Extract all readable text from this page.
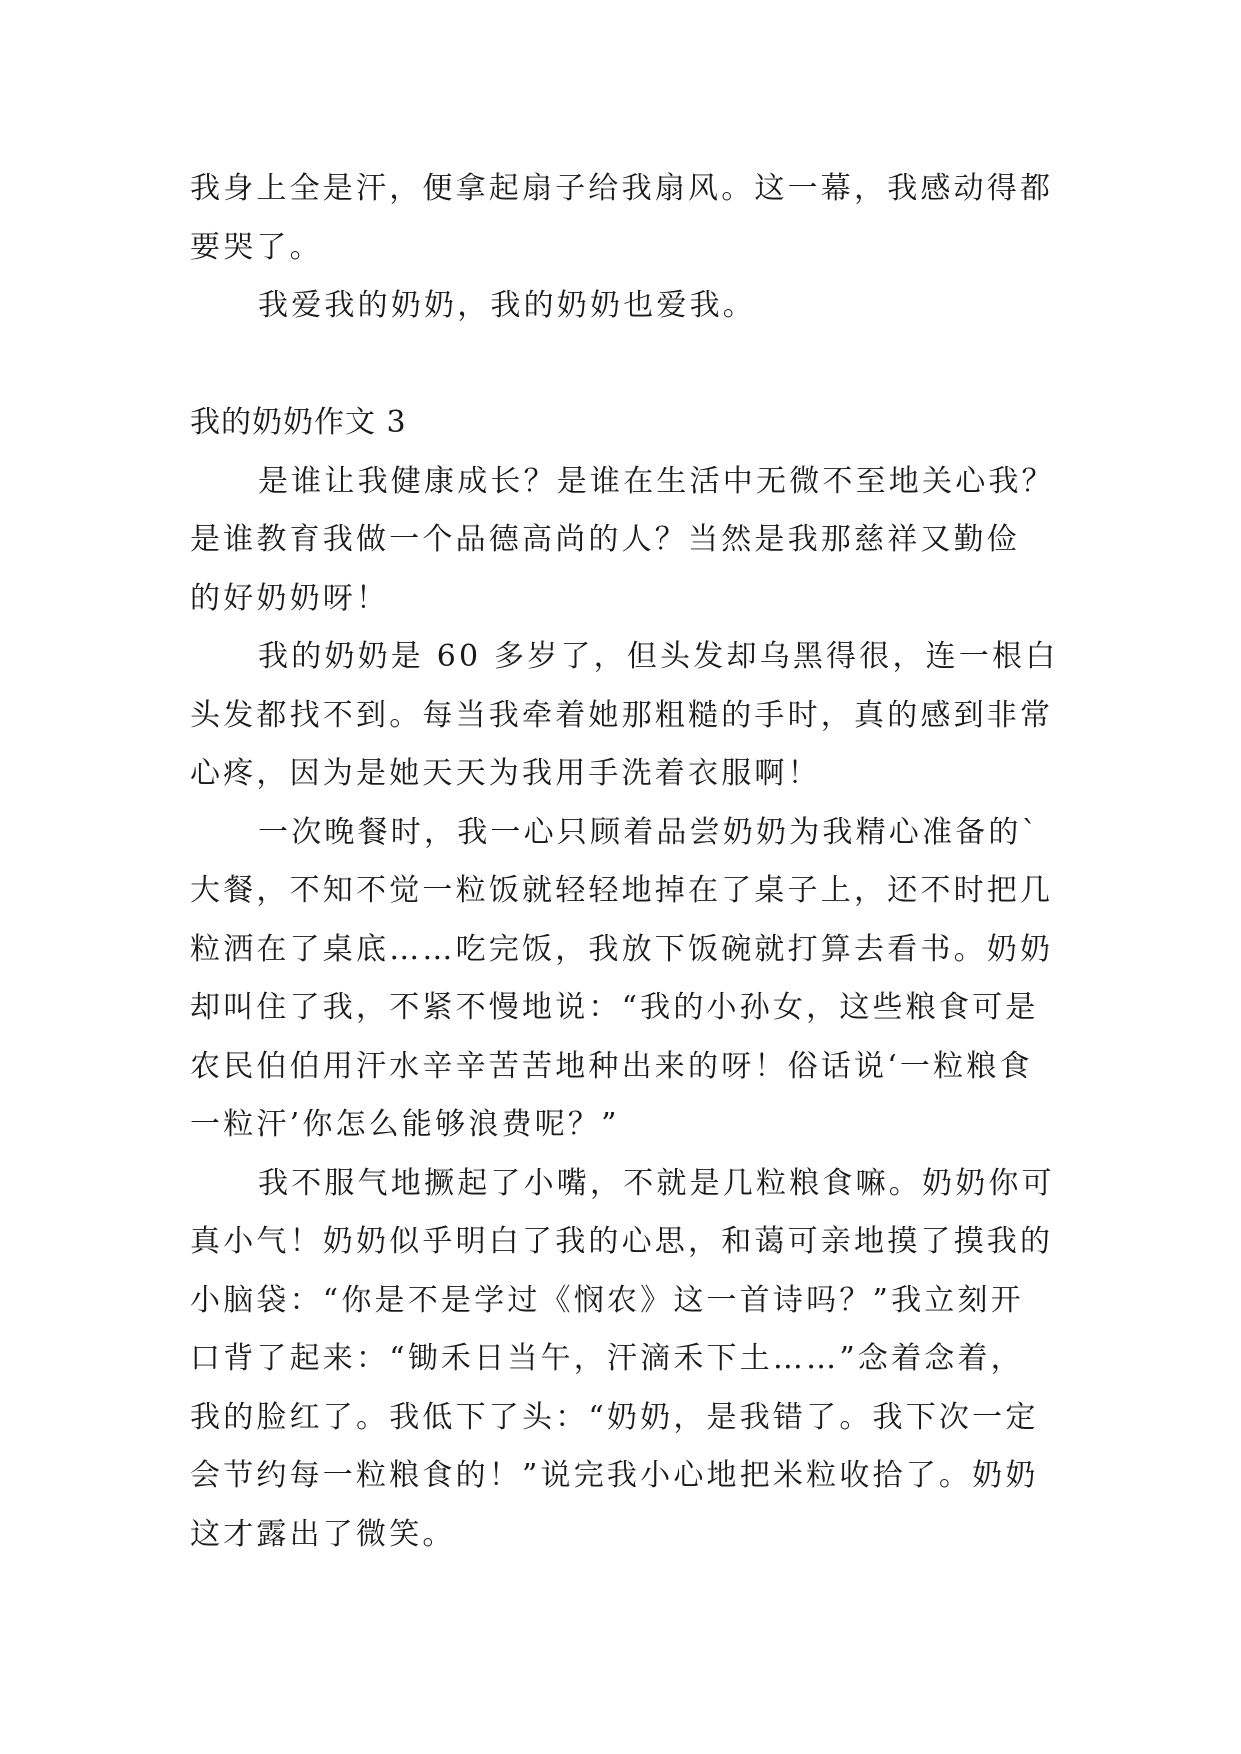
我身上全是汗，便拿起扇子给我扇风。这一幕，我感动得都
要哭了。
我爱我的奶奶，我的奶奶也爱我。
我的奶奶作文 3
是谁让我健康成长？是谁在生活中无微不至地关心我？
是谁教育我做一个品德高尚的人？当然是我那慈祥又勤俭
的好奶奶呀！
我的奶奶是 60 多岁了，但头发却乌黑得很，连一根白
头发都找不到。每当我牵着她那粗糙的手时，真的感到非常
心疼，因为是她天天为我用手洗着衣服啊！
一次晚餐时，我一心只顾着品尝奶奶为我精心准备的`
大餐，不知不觉一粒饭就轻轻地掉在了桌子上，还不时把几
粒洒在了桌底……吃完饭，我放下饭碗就打算去看书。奶奶
却叫住了我，不紧不慢地说：“我的小孙女，这些粮食可是
农民伯伯用汗水辛辛苦苦地种出来的呀！俗话说‘一粒粮食
一粒汗’你怎么能够浪费呢？”
我不服气地撅起了小嘴，不就是几粒粮食嘛。奶奶你可
真小气！奶奶似乎明白了我的心思，和蔼可亲地摸了摸我的
小脑袋：“你是不是学过《悯农》这一首诗吗？”我立刻开
口背了起来：“锄禾日当午，汗滴禾下土……”念着念着，
我的脸红了。我低下了头：“奶奶，是我错了。我下次一定
会节约每一粒粮食的！”说完我小心地把米粒收拾了。奶奶
这才露出了微笑。
